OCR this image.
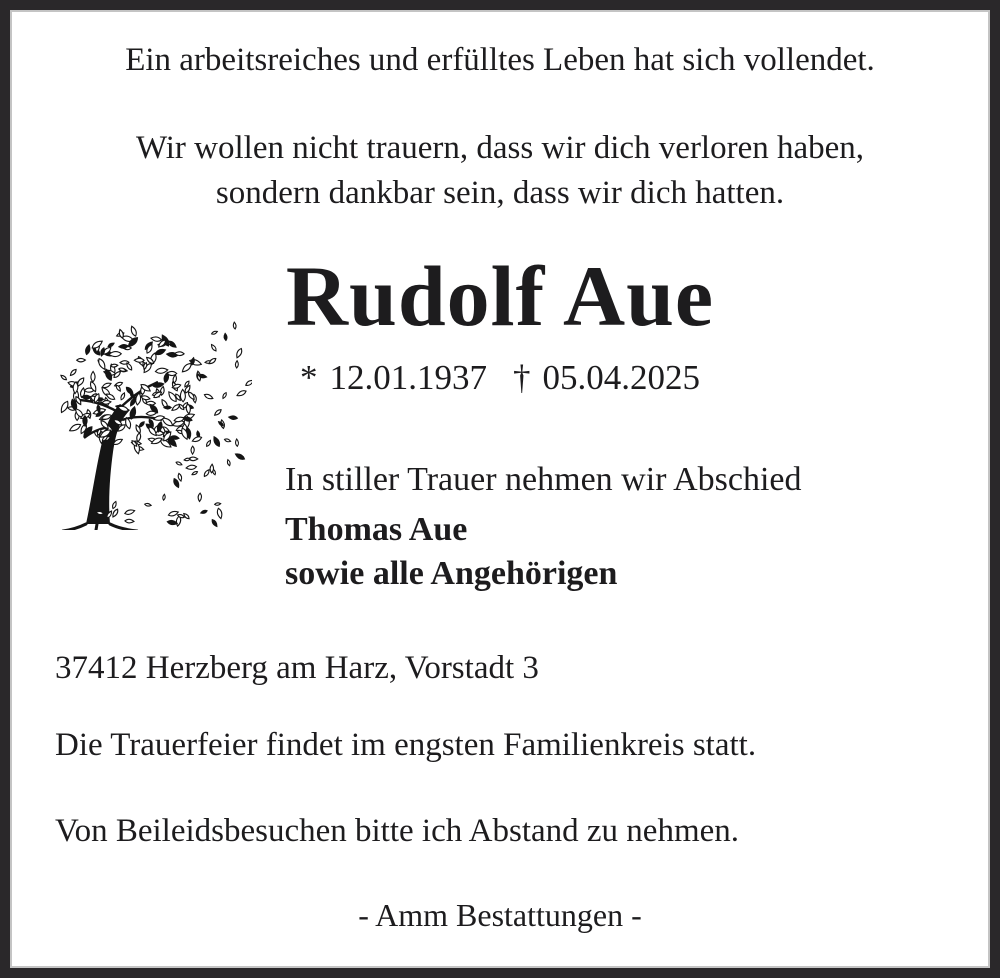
Ein arbeitsreiches und erfülltes Leben hat sich vollendet.
Wir wollen nicht trauern, dass wir dich verloren haben,
sondern dankbar sein, dass wir dich hatten.
Rudolf Aue
* 12.01.1937 † 05.04.2025
In stiller Trauer nehmen wir Abschied
Thomas Aue
sowie alle Angehörigen
37412 Herzberg am Harz, Vorstadt 3
Die Trauerfeier findet im engsten Familienkreis statt.
Von Beileidsbesuchen bitte ich Abstand zu nehmen.
- Amm Bestattungen -
